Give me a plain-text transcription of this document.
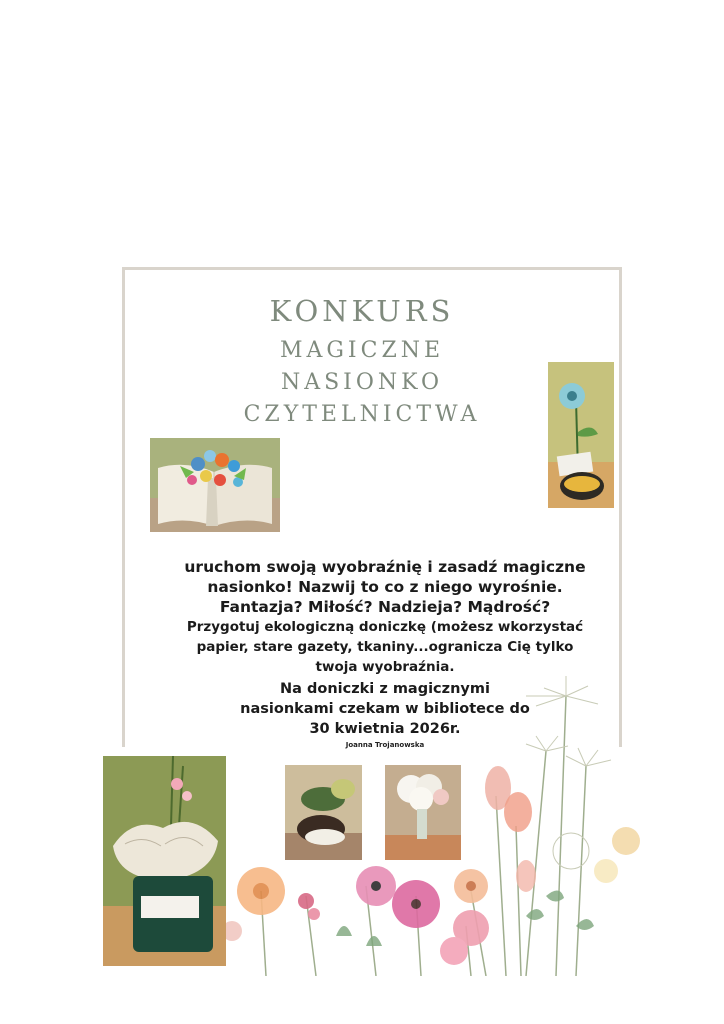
KONKURS
MAGICZNE
NASIONKO
CZYTELNICTWA
uruchom swoją wyobraźnię i zasadź magiczne
nasionko! Nazwij to co z niego wyrośnie.
Fantazja? Miłość? Nadzieja? Mądrość?
Przygotuj ekologiczną doniczkę (możesz wkorzystać
papier, stare gazety, tkaniny...ogranicza Cię tylko
twoja wyobraźnia.
Na doniczki z magicznymi
nasionkami czekam w bibliotece do
30 kwietnia 2026r.
Joanna Trojanowska
